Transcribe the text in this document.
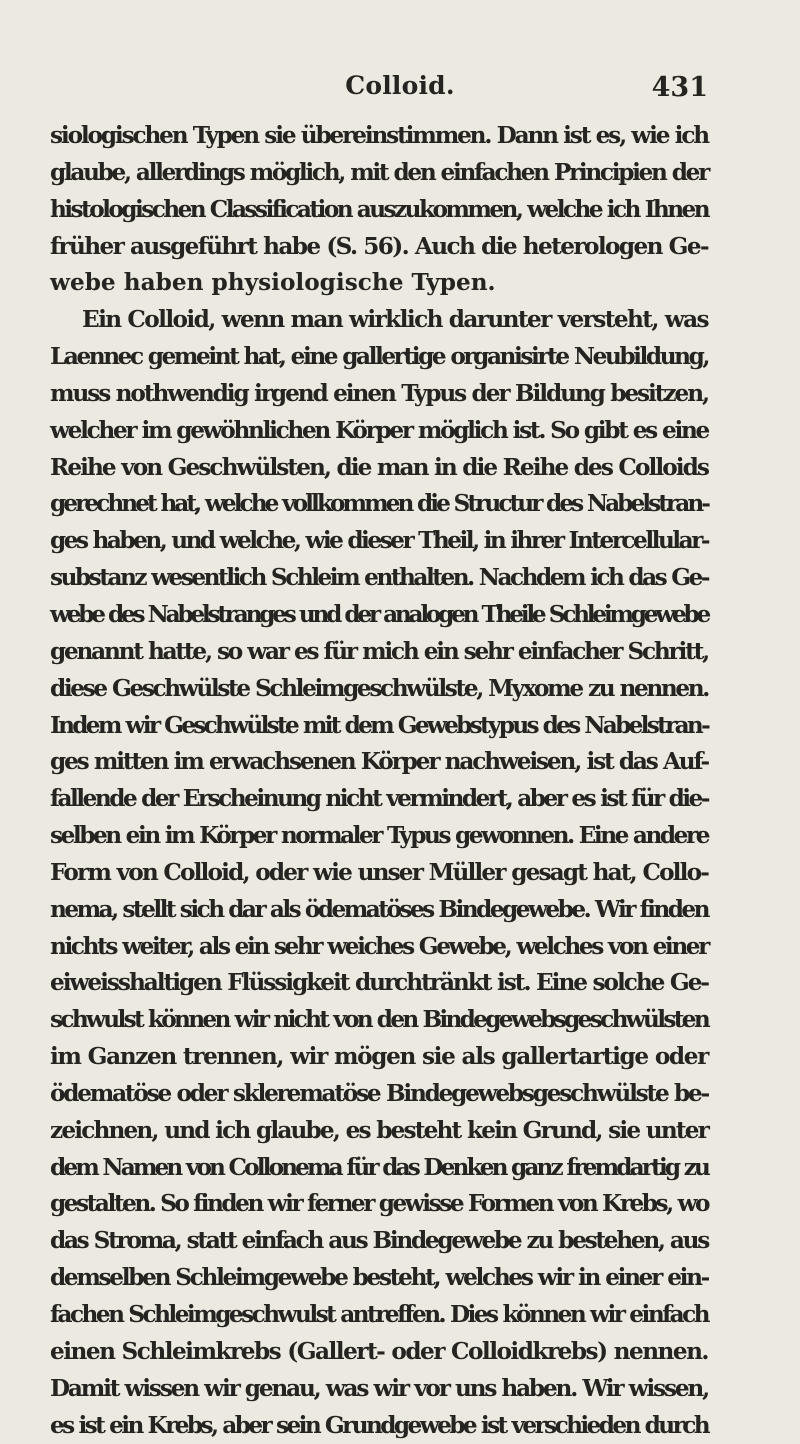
Colloid.	431
siologischen Typen sie übereinstimmen. Dann ist es, wie ich
glaube, allerdings möglich, mit den einfachen Principien der
histologischen Classification auszukommen, welche ich Ihnen
früher ausgeführt habe (S. 56). Auch die heterologen Ge-
webe haben physiologische Typen.
Ein Colloid, wenn man wirklich darunter versteht, was
Laennec gemeint hat, eine gallertige organisirte Neubildung,
muss nothwendig irgend einen Typus der Bildung besitzen,
welcher im gewöhnlichen Körper möglich ist. So gibt es eine
Reihe von Geschwülsten, die man in die Reihe des Colloids
gerechnet hat, welche vollkommen die Structur des Nabelstran-
ges haben, und welche, wie dieser Theil, in ihrer Intercellular-
substanz wesentlich Schleim enthalten. Nachdem ich das Ge-
webe des Nabelstranges und der analogen Theile Schleimgewebe
genannt hatte, so war es für mich ein sehr einfacher Schritt,
diese Geschwülste Schleimgeschwülste, Myxome zu nennen.
Indem wir Geschwülste mit dem Gewebstypus des Nabelstran-
ges mitten im erwachsenen Körper nachweisen, ist das Auf-
fallende der Erscheinung nicht vermindert, aber es ist für die-
selben ein im Körper normaler Typus gewonnen. Eine andere
Form von Colloid, oder wie unser Müller gesagt hat, Collo-
nema, stellt sich dar als ödematöses Bindegewebe. Wir finden
nichts weiter, als ein sehr weiches Gewebe, welches von einer
eiweisshaltigen Flüssigkeit durchtränkt ist. Eine solche Ge-
schwulst können wir nicht von den Bindegewebsgeschwülsten
im Ganzen trennen, wir mögen sie als gallertartige oder
ödematöse oder sklerematöse Bindegewebsgeschwülste be-
zeichnen, und ich glaube, es besteht kein Grund, sie unter
dem Namen von Collonema für das Denken ganz fremdartig zu
gestalten. So finden wir ferner gewisse Formen von Krebs, wo
das Stroma, statt einfach aus Bindegewebe zu bestehen, aus
demselben Schleimgewebe besteht, welches wir in einer ein-
fachen Schleimgeschwulst antreffen. Dies können wir einfach
einen Schleimkrebs (Gallert- oder Colloidkrebs) nennen.
Damit wissen wir genau, was wir vor uns haben. Wir wissen,
es ist ein Krebs, aber sein Grundgewebe ist verschieden durch
